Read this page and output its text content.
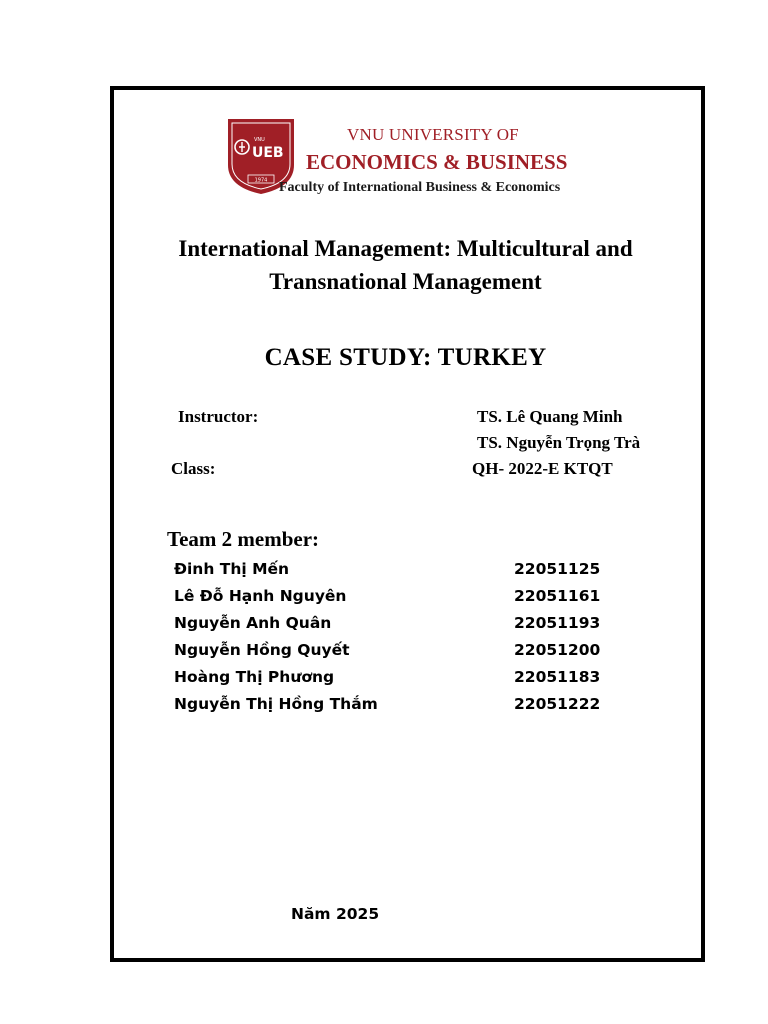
VNU
UEB
1974
VNU UNIVERSITY OF
ECONOMICS & BUSINESS
Faculty of International Business & Economics
International Management: Multicultural and
Transnational Management
CASE STUDY: TURKEY
Instructor:	TS. Lê Quang Minh
TS. Nguyễn Trọng Trà
Class:	QH- 2022-E KTQT
Team 2 member:
Đinh Thị Mến	22051125
Lê Đỗ Hạnh Nguyên	22051161
Nguyễn Anh Quân	22051193
Nguyễn Hồng Quyết	22051200
Hoàng Thị Phương	22051183
Nguyễn Thị Hồng Thắm	22051222
Năm 2025
